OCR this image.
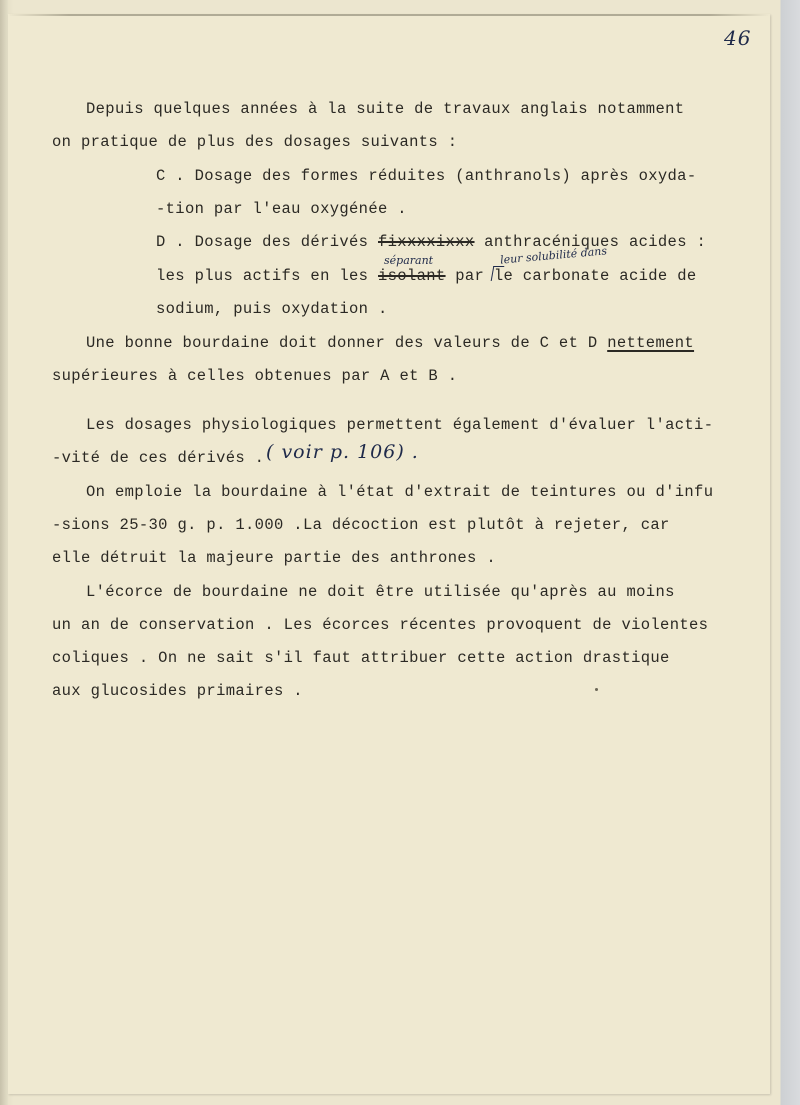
46
Depuis quelques années à la suite de travaux anglais notamment
on pratique de plus des dosages suivants :
C . Dosage des formes réduites (anthranols) après oxyda-
-tion par l'eau oxygénée .
D . Dosage des dérivés fixxxxixxx anthracéniques acides :
séparant	leur solubilité dans
les plus actifs en les isolant par le carbonate acide de
sodium, puis oxydation .
Une bonne bourdaine doit donner des valeurs de C et D nettement
supérieures à celles obtenues par A et B .
Les dosages physiologiques permettent également d'évaluer l'acti-
-vité de ces dérivés . ( voir p. 106) .
On emploie la bourdaine à l'état d'extrait de teintures ou d'infu
-sions 25-30 g. p. 1.000 .La décoction est plutôt à rejeter, car
elle détruit la majeure partie des anthrones .
L'écorce de bourdaine ne doit être utilisée qu'après au moins
un an de conservation . Les écorces récentes provoquent de violentes
coliques . On ne sait s'il faut attribuer cette action drastique
aux glucosides primaires .
